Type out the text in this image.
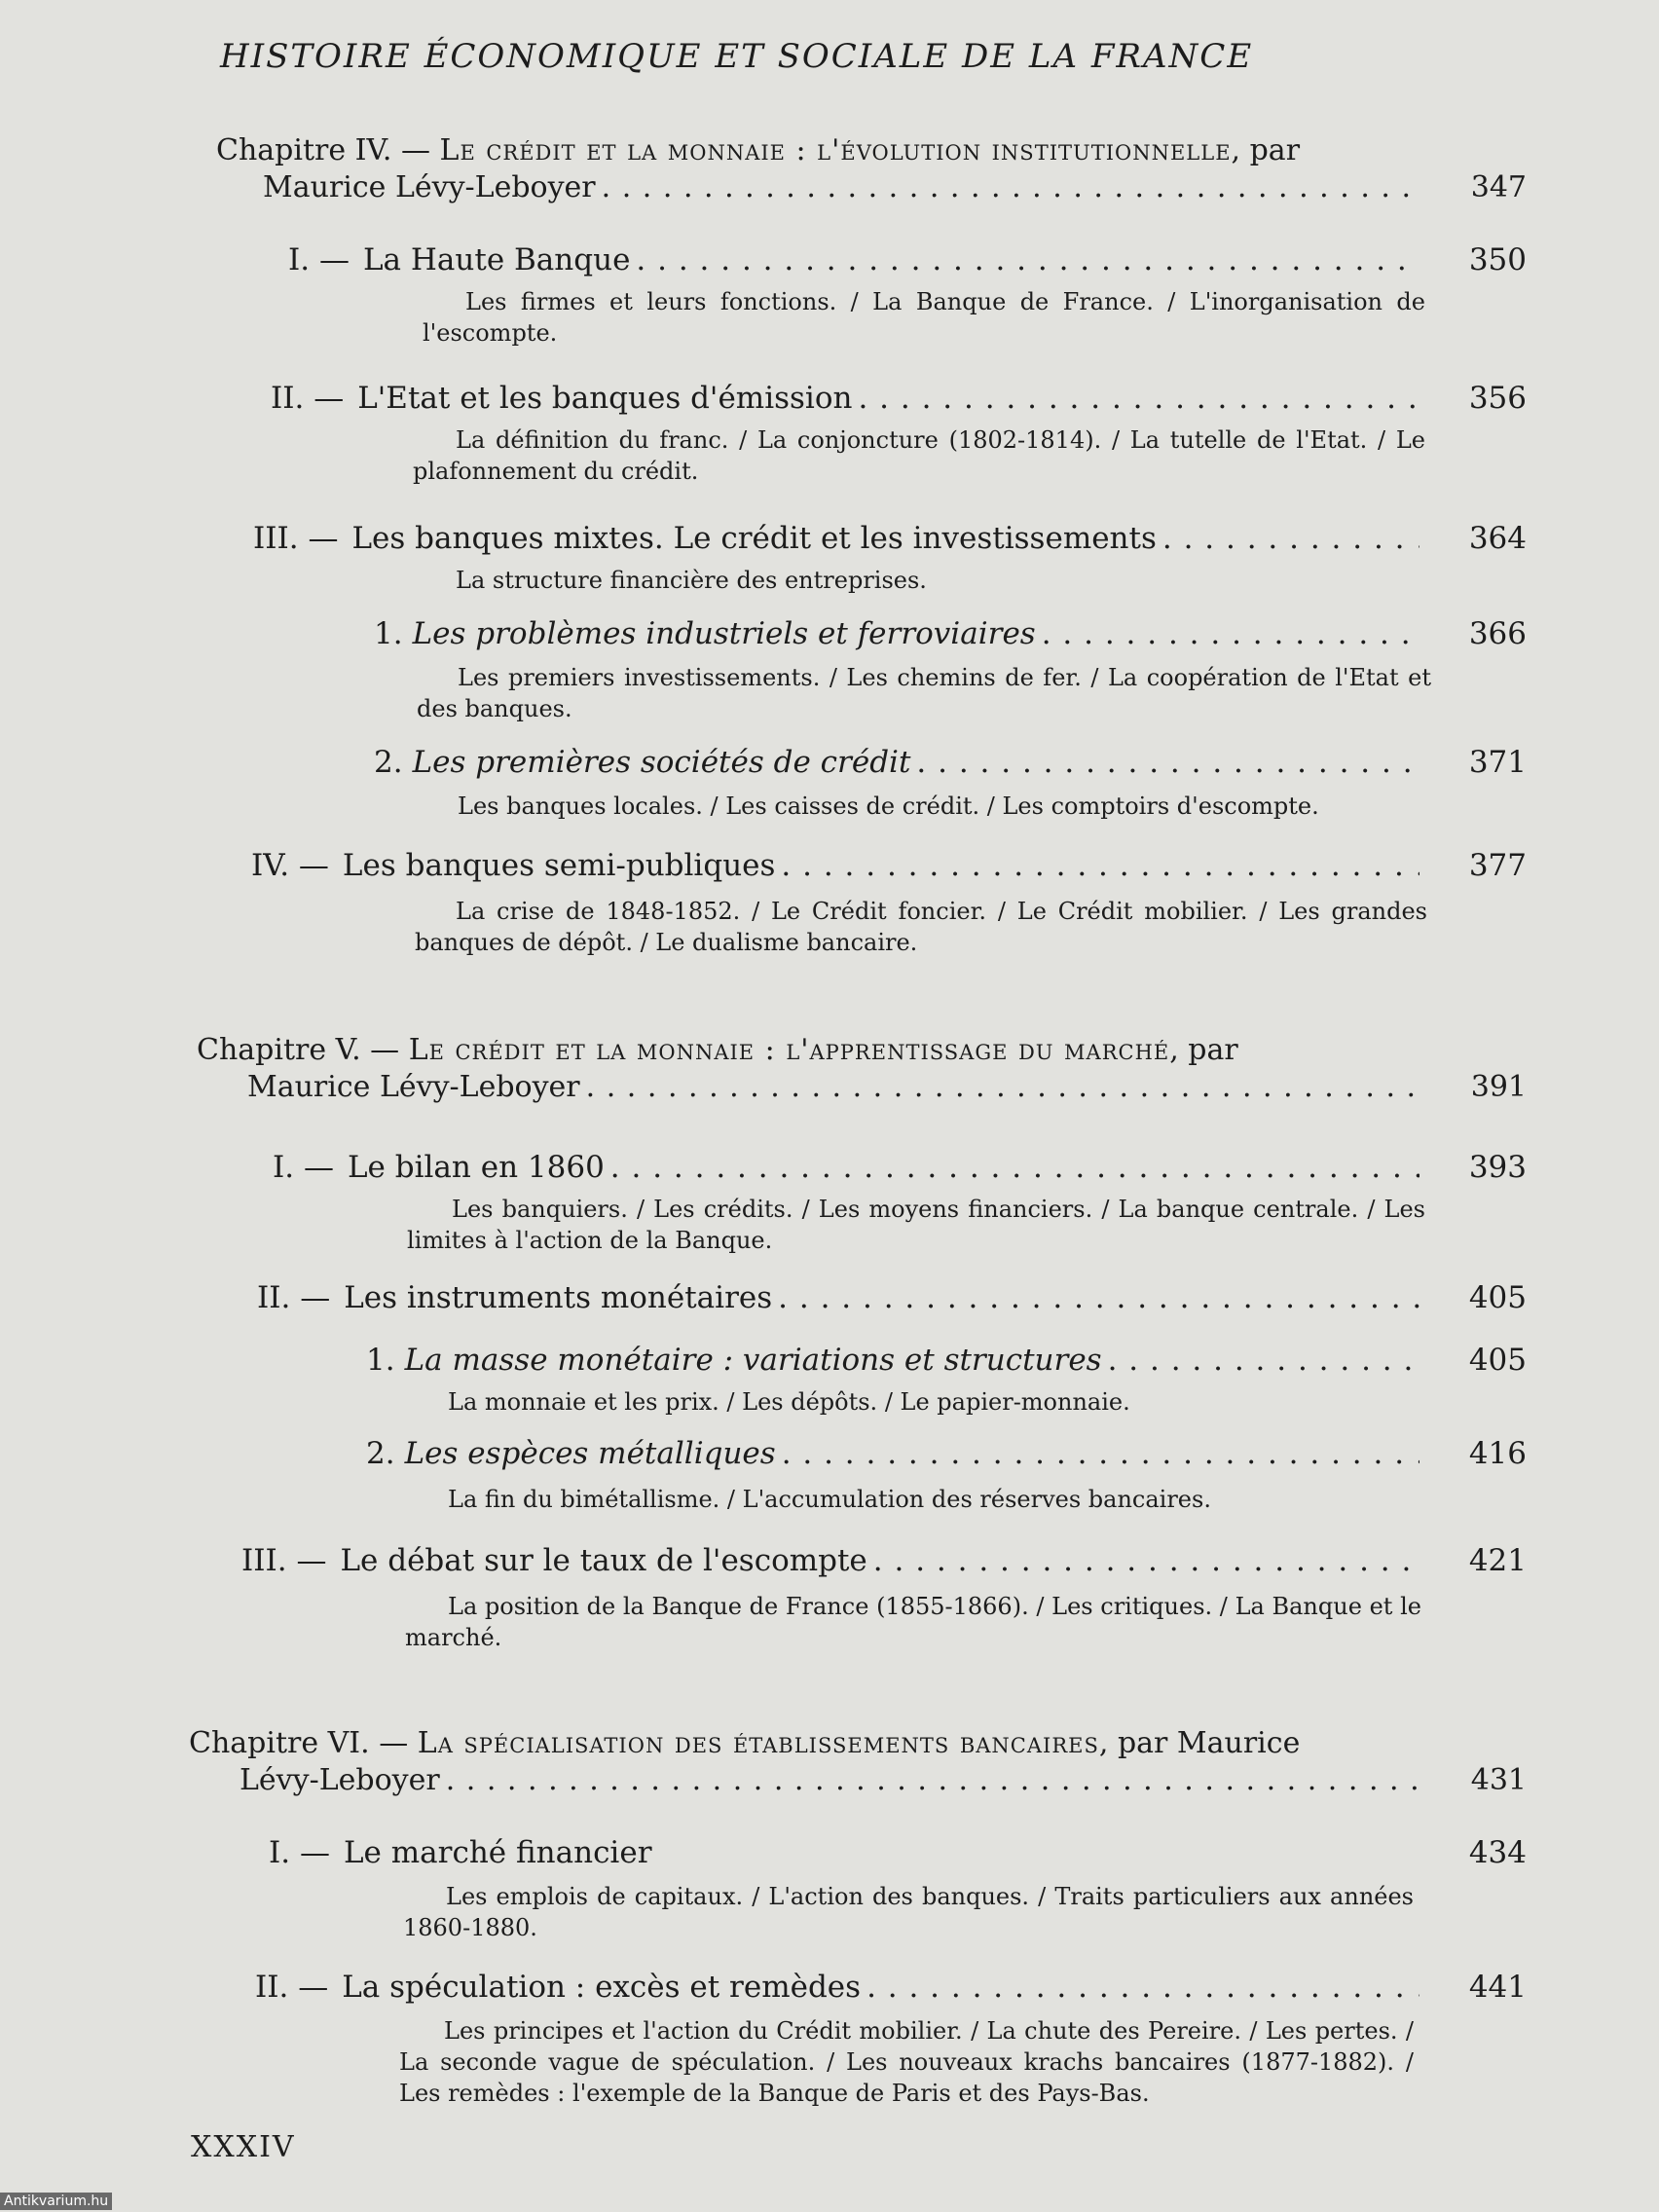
HISTOIRE ÉCONOMIQUE ET SOCIALE DE LA FRANCE
Chapitre IV. — Le crédit et la monnaie : l'évolution institutionnelle , par
Maurice Lévy-Leboyer . . .	347
I. — La Haute Banque . . .	350
Les firmes et leurs fonctions. / La Banque de France. / L'inorganisation de l'escompte.
II. — L'Etat et les banques d'émission . . .	356
La définition du franc. / La conjoncture (1802-1814). / La tutelle de l'Etat. / Le plafonnement du crédit.
III. — Les banques mixtes. Le crédit et les investissements . . .	364
La structure financière des entreprises.
1. Les problèmes industriels et ferroviaires . . .	366
Les premiers investissements. / Les chemins de fer. / La coopération de l'Etat et des banques.
2. Les premières sociétés de crédit . . .	371
Les banques locales. / Les caisses de crédit. / Les comptoirs d'escompte.
IV. — Les banques semi-publiques . . .	377
La crise de 1848-1852. / Le Crédit foncier. / Le Crédit mobilier. / Les grandes banques de dépôt. / Le dualisme bancaire.
Chapitre V. — Le crédit et la monnaie : l'apprentissage du marché , par
Maurice Lévy-Leboyer . . .	391
I. — Le bilan en 1860 . . .	393
Les banquiers. / Les crédits. / Les moyens financiers. / La banque centrale. / Les limites à l'action de la Banque.
II. — Les instruments monétaires . . .	405
1. La masse monétaire : variations et structures . . .	405
La monnaie et les prix. / Les dépôts. / Le papier-monnaie.
2. Les espèces métalliques . . .	416
La fin du bimétallisme. / L'accumulation des réserves bancaires.
III. — Le débat sur le taux de l'escompte . . .	421
La position de la Banque de France (1855-1866). / Les critiques. / La Banque et le marché.
Chapitre VI. — La spécialisation des établissements bancaires , par Maurice
Lévy-Leboyer . . .	431
I. — Le marché financier	434
Les emplois de capitaux. / L'action des banques. / Traits particuliers aux années 1860-1880.
II. — La spéculation : excès et remèdes . . .	441
Les principes et l'action du Crédit mobilier. / La chute des Pereire. / Les pertes. / La seconde vague de spéculation. / Les nouveaux krachs bancaires (1877-1882). / Les remèdes : l'exemple de la Banque de Paris et des Pays-Bas.
XXXIV
Antikvarium.hu
